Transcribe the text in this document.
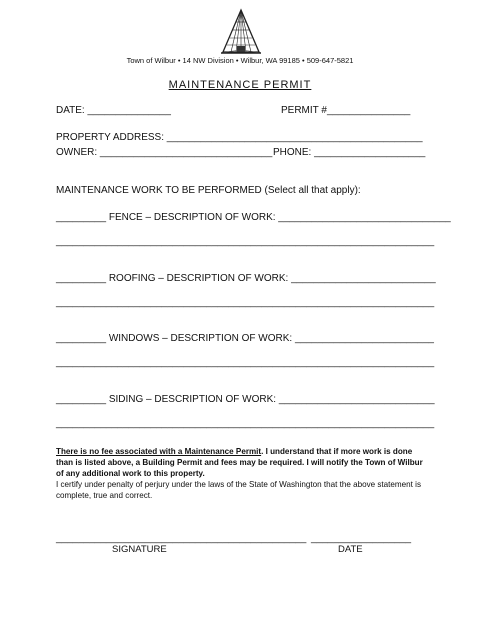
Town of Wilbur • 14 NW Division • Wilbur, WA 99185 • 509-647-5821
MAINTENANCE PERMIT
DATE: _______________	PERMIT #_______________
PROPERTY ADDRESS: ______________________________________________
OWNER: _______________________________ PHONE: ____________________
MAINTENANCE WORK TO BE PERFORMED (Select all that apply):
_________ FENCE – DESCRIPTION OF WORK: _______________________________
____________________________________________________________________
_________ ROOFING – DESCRIPTION OF WORK: __________________________
____________________________________________________________________
_________ WINDOWS – DESCRIPTION OF WORK: _________________________
____________________________________________________________________
_________ SIDING – DESCRIPTION OF WORK: ____________________________
____________________________________________________________________
There is no fee associated with a Maintenance Permit. I understand that if more work is done than is listed above, a Building Permit and fees may be required. I will notify the Town of Wilbur of any additional work to this property.
I certify under penalty of perjury under the laws of the State of Washington that the above statement is complete, true and correct.
_____________________________________________ __________________
SIGNATURE	DATE
